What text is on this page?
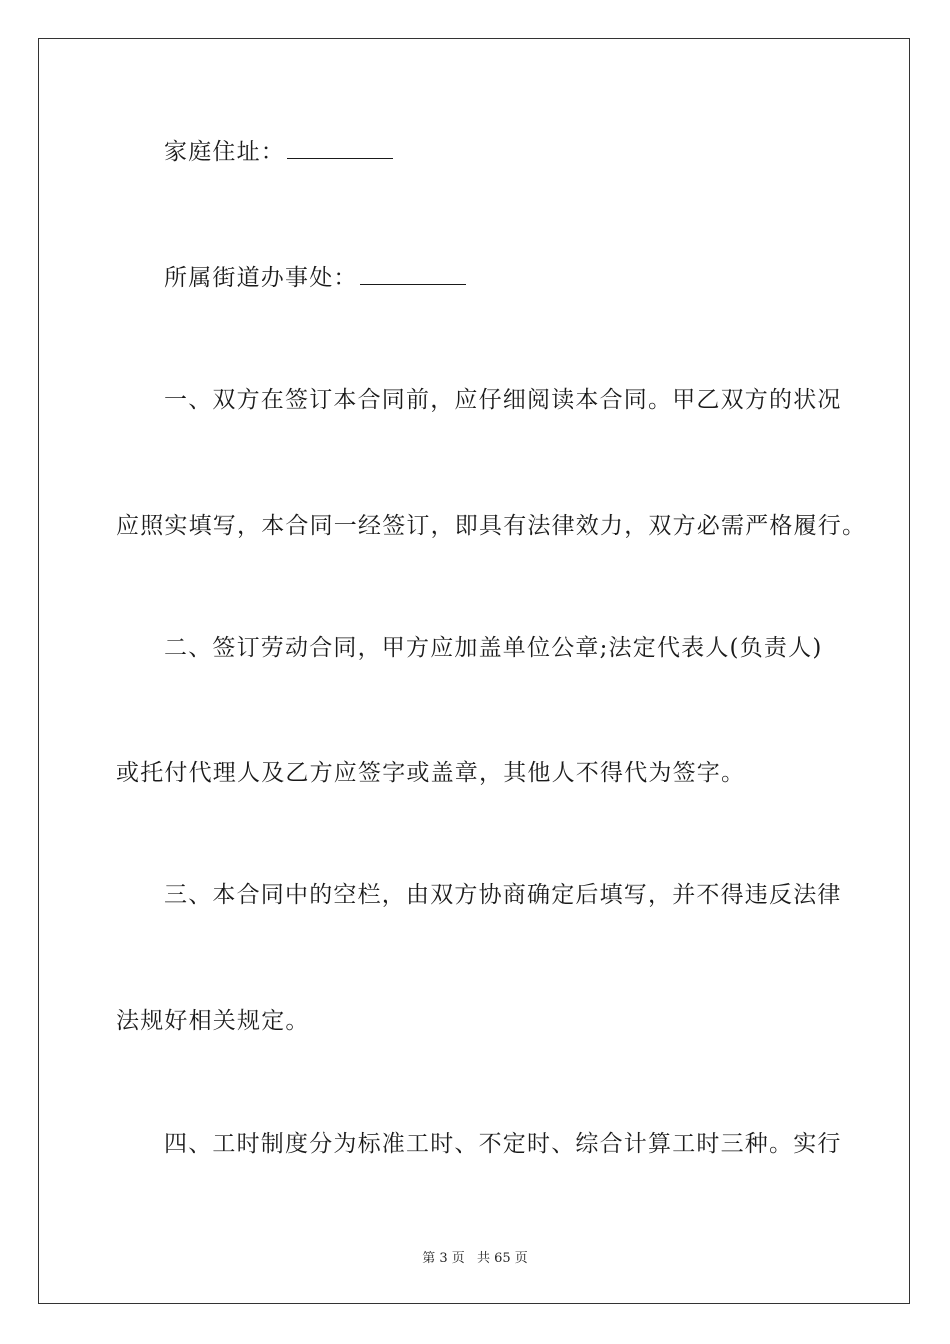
家庭住址：
所属街道办事处：
一、双方在签订本合同前，应仔细阅读本合同。甲乙双方的状况
应照实填写，本合同一经签订，即具有法律效力，双方必需严格履行。
二、签订劳动合同，甲方应加盖单位公章;法定代表人(负责人)
或托付代理人及乙方应签字或盖章，其他人不得代为签字。
三、本合同中的空栏，由双方协商确定后填写，并不得违反法律
法规好相关规定。
四、工时制度分为标准工时、不定时、综合计算工时三种。实行
第 3 页 共 65 页
